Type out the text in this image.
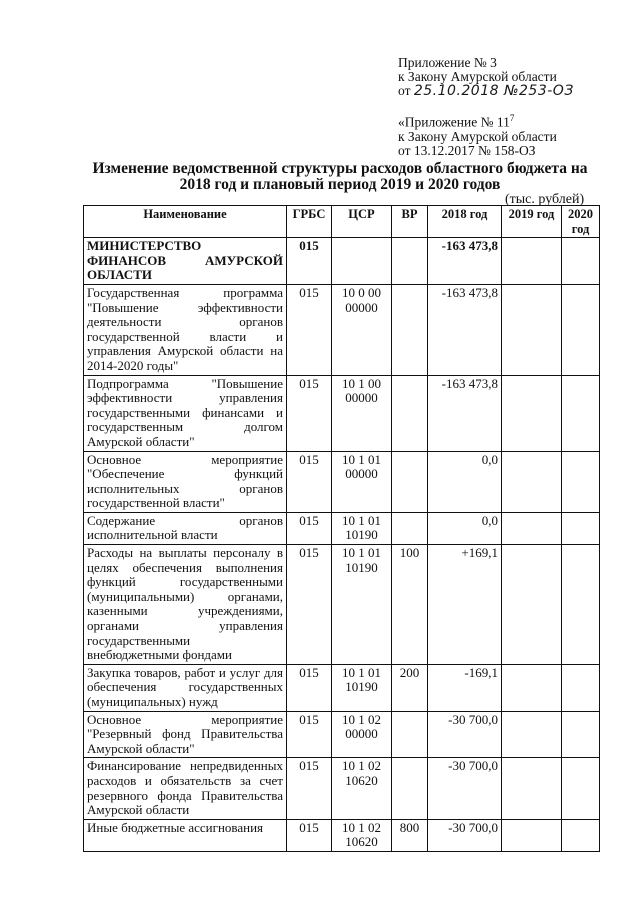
Приложение № 3
к Закону Амурской области
от 25.10.2018 №253-ОЗ
«Приложение № $11^7$
к Закону Амурской области
от 13.12.2017 № 158-ОЗ
Изменение ведомственной структуры расходов областного бюджета на
2018 год и плановый период 2019 и 2020 годов
(тыс. рублей)
Наименование	ГРБС	ЦСР	ВР	2018 год	2019 год	2020 год
МИНИСТЕРСТВО ФИНАНСОВ АМУРСКОЙ ОБЛАСТИ	015			-163 473,8		
Государственная программа "Повышение эффективности деятельности органов государственной власти и управления Амурской области на 2014-2020 годы"	015	10 0 00 00000		-163 473,8		
Подпрограмма "Повышение эффективности управления государственными финансами и государственным долгом Амурской области"	015	10 1 00 00000		-163 473,8		
Основное мероприятие "Обеспечение функций исполнительных органов государственной власти"	015	10 1 01 00000		0,0		
Содержание органов исполнительной власти	015	10 1 01 10190		0,0		
Расходы на выплаты персоналу в целях обеспечения выполнения функций государственными (муниципальными) органами, казенными учреждениями, органами управления государственными внебюджетными фондами	015	10 1 01 10190	100	+169,1		
Закупка товаров, работ и услуг для обеспечения государственных (муниципальных) нужд	015	10 1 01 10190	200	-169,1		
Основное мероприятие "Резервный фонд Правительства Амурской области"	015	10 1 02 00000		-30 700,0		
Финансирование непредвиденных расходов и обязательств за счет резервного фонда Правительства Амурской области	015	10 1 02 10620		-30 700,0		
Иные бюджетные ассигнования	015	10 1 02 10620	800	-30 700,0		
